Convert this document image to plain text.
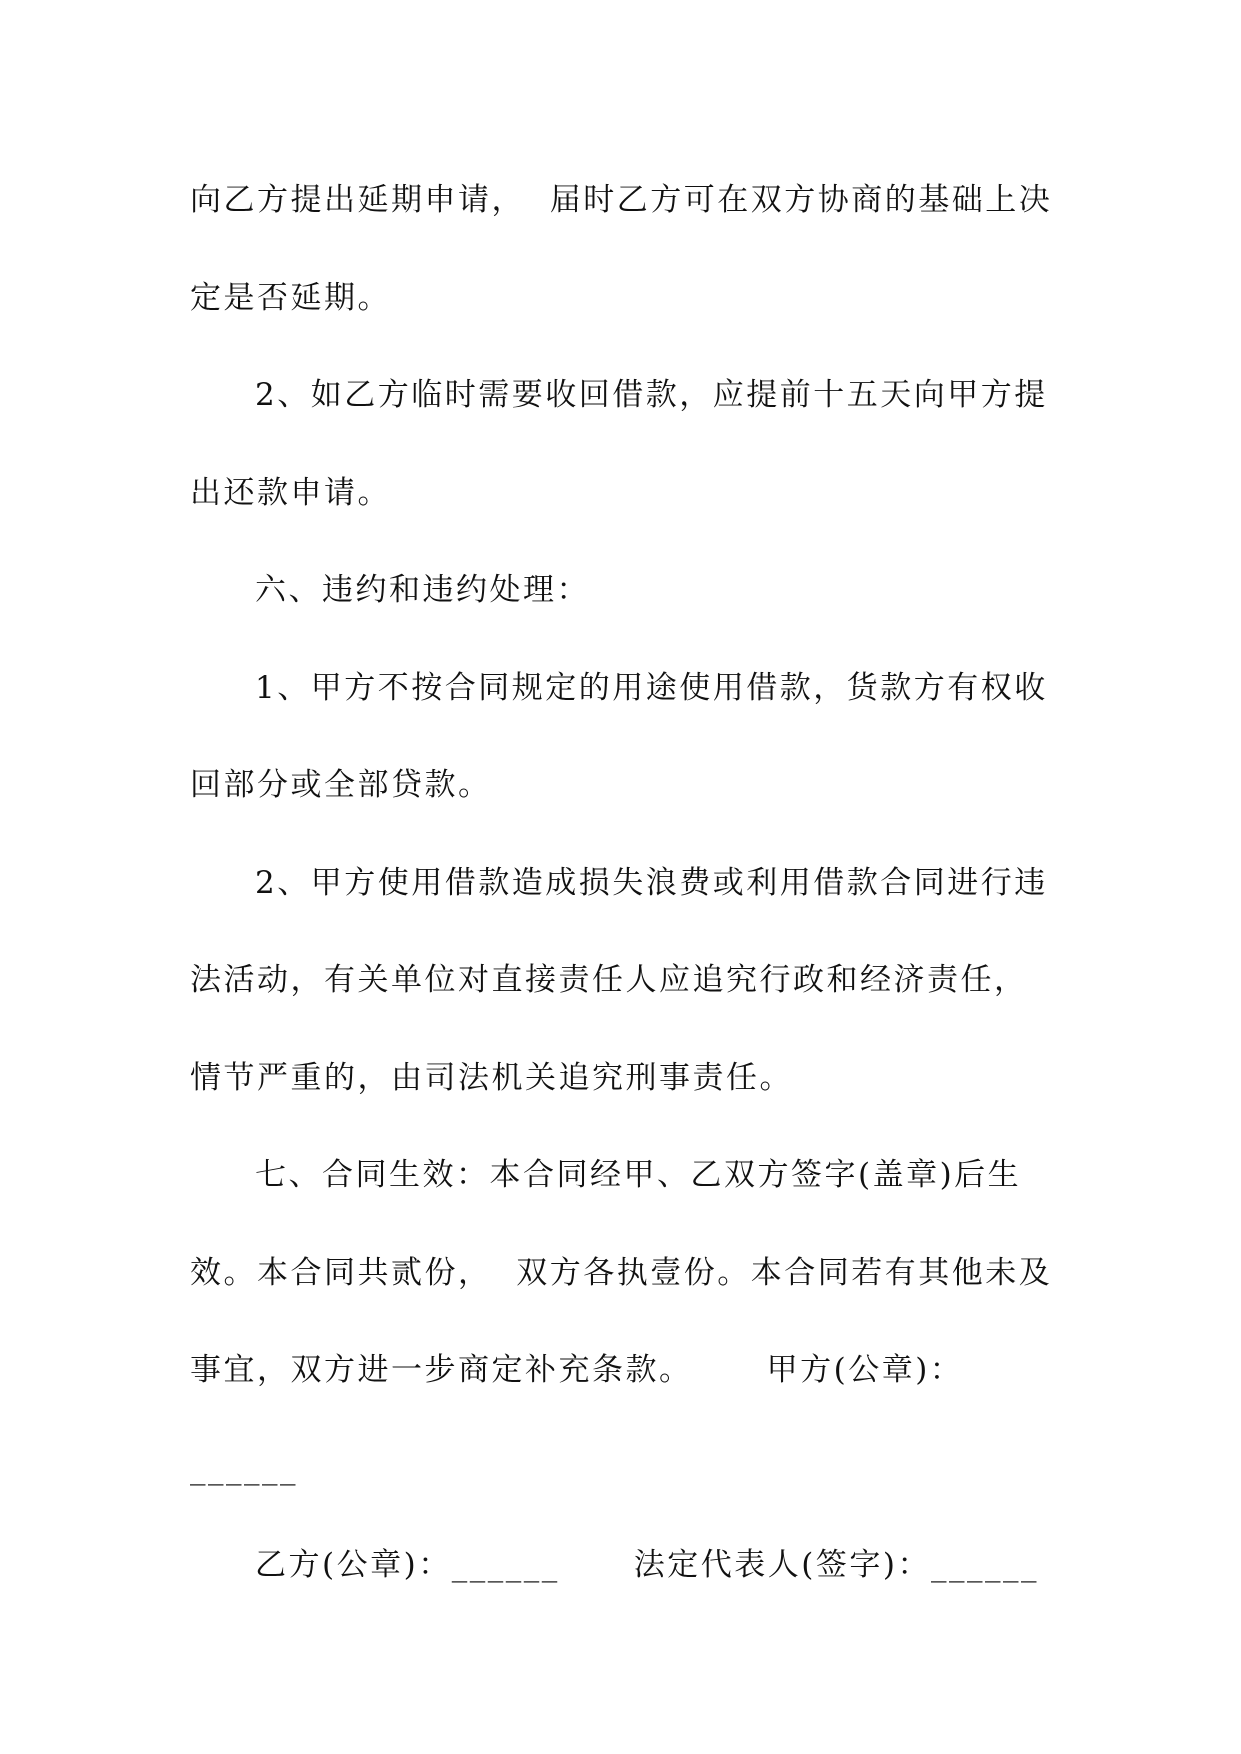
向乙方提出延期申请，  届时乙方可在双方协商的基础上决
定是否延期。
2、如乙方临时需要收回借款，应提前十五天向甲方提
出还款申请。
六、违约和违约处理：
1、甲方不按合同规定的用途使用借款，货款方有权收
回部分或全部贷款。
2、甲方使用借款造成损失浪费或利用借款合同进行违
法活动，有关单位对直接责任人应追究行政和经济责任，
情节严重的，由司法机关追究刑事责任。
七、合同生效：本合同经甲、乙双方签字(盖章)后生
效。本合同共贰份，  双方各执壹份。本合同若有其他未及
事宜，双方进一步商定补充条款。      甲方(公章)：
______
乙方(公章)：______      法定代表人(签字)：______
